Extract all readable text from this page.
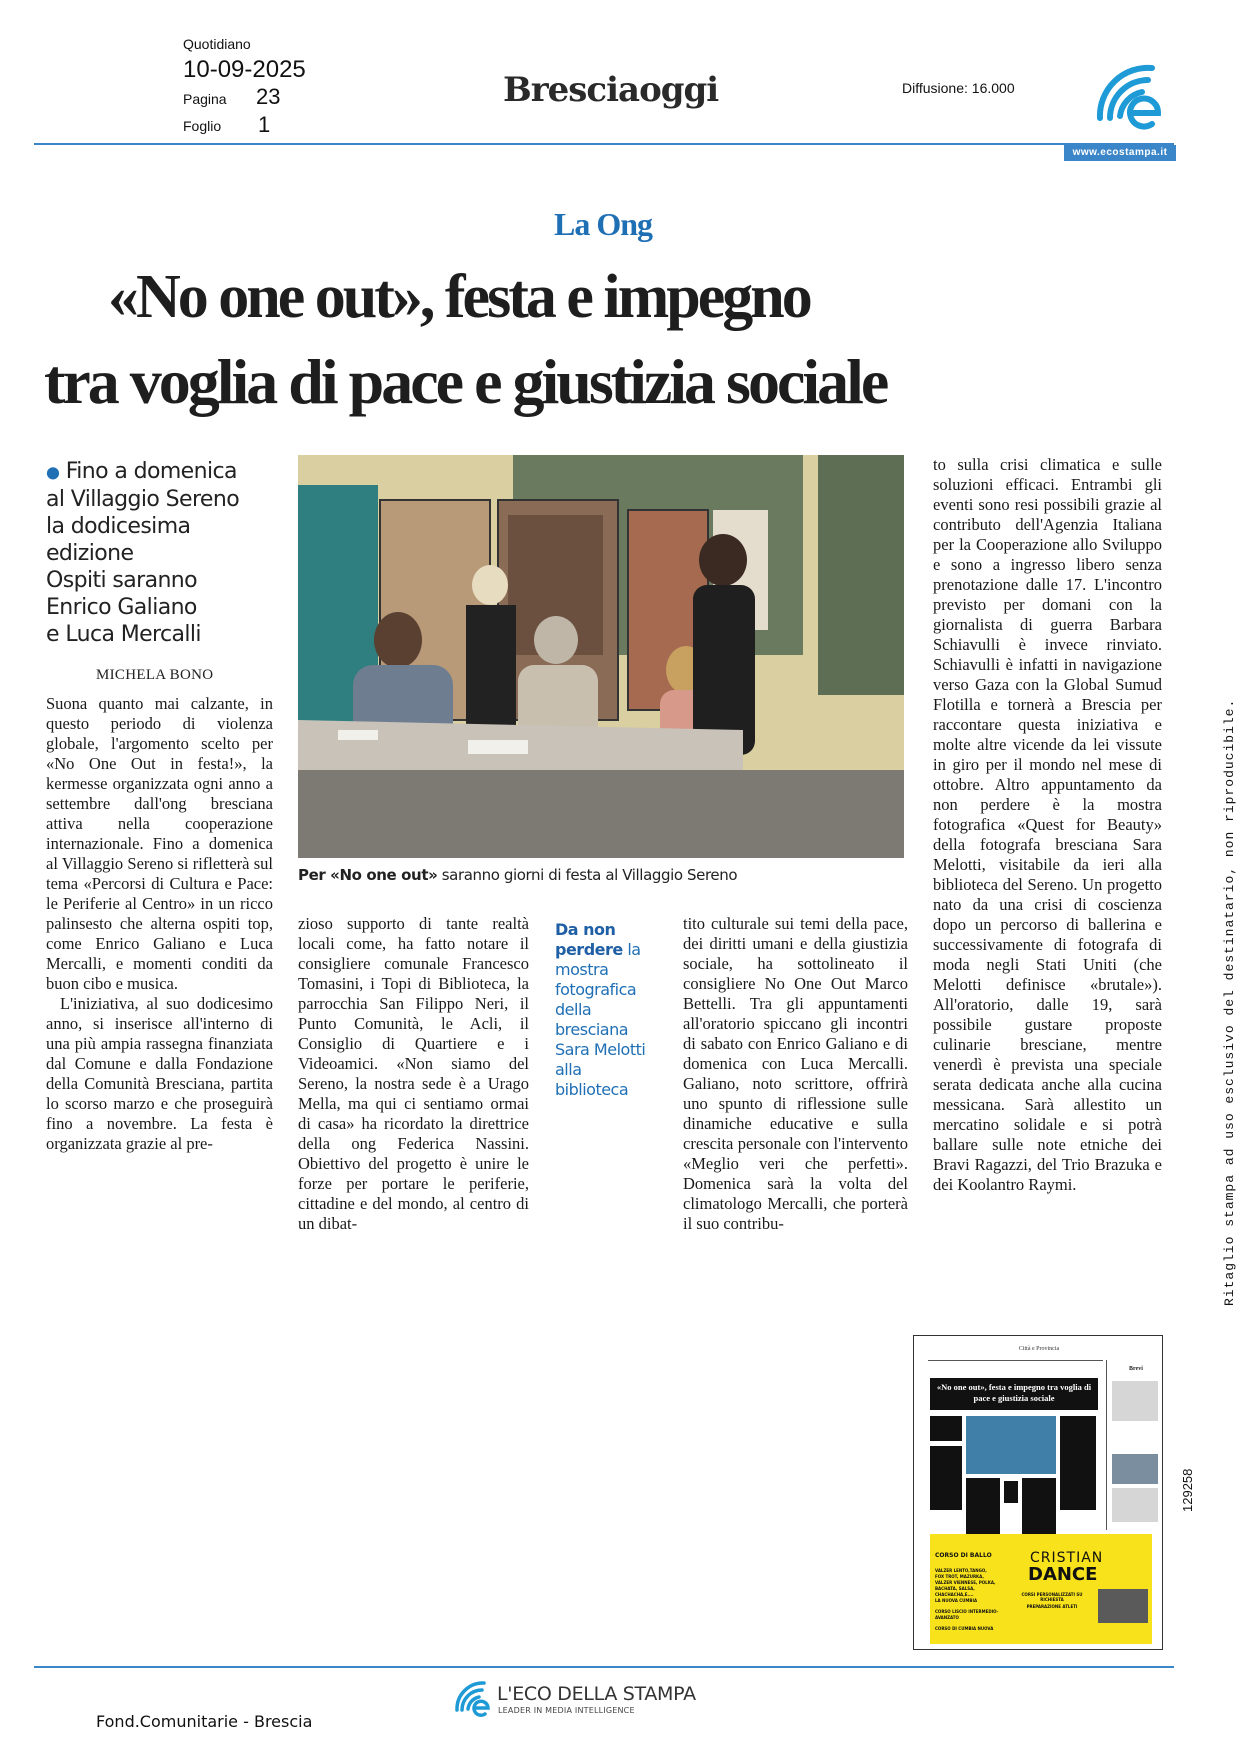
Quotidiano
10-09-2025
Pagina 23
Foglio 1
Bresciaoggi	Diffusione: 16.000
www.ecostampa.it
La Ong
«No one out», festa e impegno
tra voglia di pace e giustizia sociale
● Fino a domenica
al Villaggio Sereno
la dodicesima
edizione
Ospiti saranno
Enrico Galiano
e Luca Mercalli
MICHELA BONO

Suona quanto mai calzante, in questo periodo di violenza globale, l'argomento scelto per «No One Out in festa!», la kermesse organizzata ogni anno a settembre dall'ong bresciana attiva nella cooperazione internazionale. Fino a domenica al Villaggio Sereno si rifletterà sul tema «Percorsi di Cultura e Pace: le Periferie al Centro» in un ricco palinsesto che alterna ospiti top, come Enrico Galiano e Luca Mercalli, e momenti conditi da buon cibo e musica.

L'iniziativa, al suo dodicesimo anno, si inserisce all'interno di una più ampia rassegna finanziata dal Comune e dalla Fondazione della Comunità Bresciana, partita lo scorso marzo e che proseguirà fino a novembre. La festa è organizzata grazie al pre-

Per «No one out» saranno giorni di festa al Villaggio Sereno

zioso supporto di tante realtà locali come, ha fatto notare il consigliere comunale Francesco Tomasini, i Topi di Biblioteca, la parrocchia San Filippo Neri, il Punto Comunità, le Acli, il Consiglio di Quartiere e i Videoamici. «Non siamo del Sereno, la nostra sede è a Urago Mella, ma qui ci sentiamo ormai di casa» ha ricordato la direttrice della ong Federica Nassini. Obiettivo del progetto è unire le forze per portare le periferie, cittadine e del mondo, al centro di un dibat-

Da non perdere la mostra fotografica della bresciana Sara Melotti alla biblioteca

tito culturale sui temi della pace, dei diritti umani e della giustizia sociale, ha sottolineato il consigliere No One Out Marco Bettelli. Tra gli appuntamenti all'oratorio spiccano gli incontri di sabato con Enrico Galiano e di domenica con Luca Mercalli. Galiano, noto scrittore, offrirà uno spunto di riflessione sulle dinamiche educative e sulla crescita personale con l'intervento «Meglio veri che perfetti». Domenica sarà la volta del climatologo Mercalli, che porterà il suo contribu-

to sulla crisi climatica e sulle soluzioni efficaci. Entrambi gli eventi sono resi possibili grazie al contributo dell'Agenzia Italiana per la Cooperazione allo Sviluppo e sono a ingresso libero senza prenotazione dalle 17. L'incontro previsto per domani con la giornalista di guerra Barbara Schiavulli è invece rinviato. Schiavulli è infatti in navigazione verso Gaza con la Global Sumud Flotilla e tornerà a Brescia per raccontare questa iniziativa e molte altre vicende da lei vissute in giro per il mondo nel mese di ottobre. Altro appuntamento da non perdere è la mostra fotografica «Quest for Beauty» della fotografa bresciana Sara Melotti, visitabile da ieri alla biblioteca del Sereno. Un progetto nato da una crisi di coscienza dopo un percorso di ballerina e successivamente di fotografa di moda negli Stati Uniti (che Melotti definisce «brutale»). All'oratorio, dalle 19, sarà possibile gustare proposte culinarie bresciane, mentre venerdì è prevista una speciale serata dedicata anche alla cucina messicana. Sarà allestito un mercatino solidale e si potrà ballare sulle note etniche dei Bravi Ragazzi, del Trio Brazuka e dei Koolantro Raymi.	Ritaglio stampa ad uso esclusivo del destinatario, non riproducibile.
129258
Città e Provincia
«No one out», festa e impegno tra voglia di pace e giustizia sociale
Brevi
CORSO DI BALLO
VALZER LENTO,TANGO,
FOX TROT, MAZURKA,
VALZER VIENNESE, POLKA,
BACHATA, SALSA,
CHACHACHA,E....
LA NUOVA CUMBIA
CORSO LISCIO INTERMEDIO-AVANZATO
CORSO DI CUMBIA NUOVA
CRISTIAN
DANCE
CORSI PERSONALIZZATI SU RICHIESTA
PREPARAZIONE ATLETI
L'ECO DELLA STAMPA
LEADER IN MEDIA INTELLIGENCE
Fond.Comunitarie - Brescia
